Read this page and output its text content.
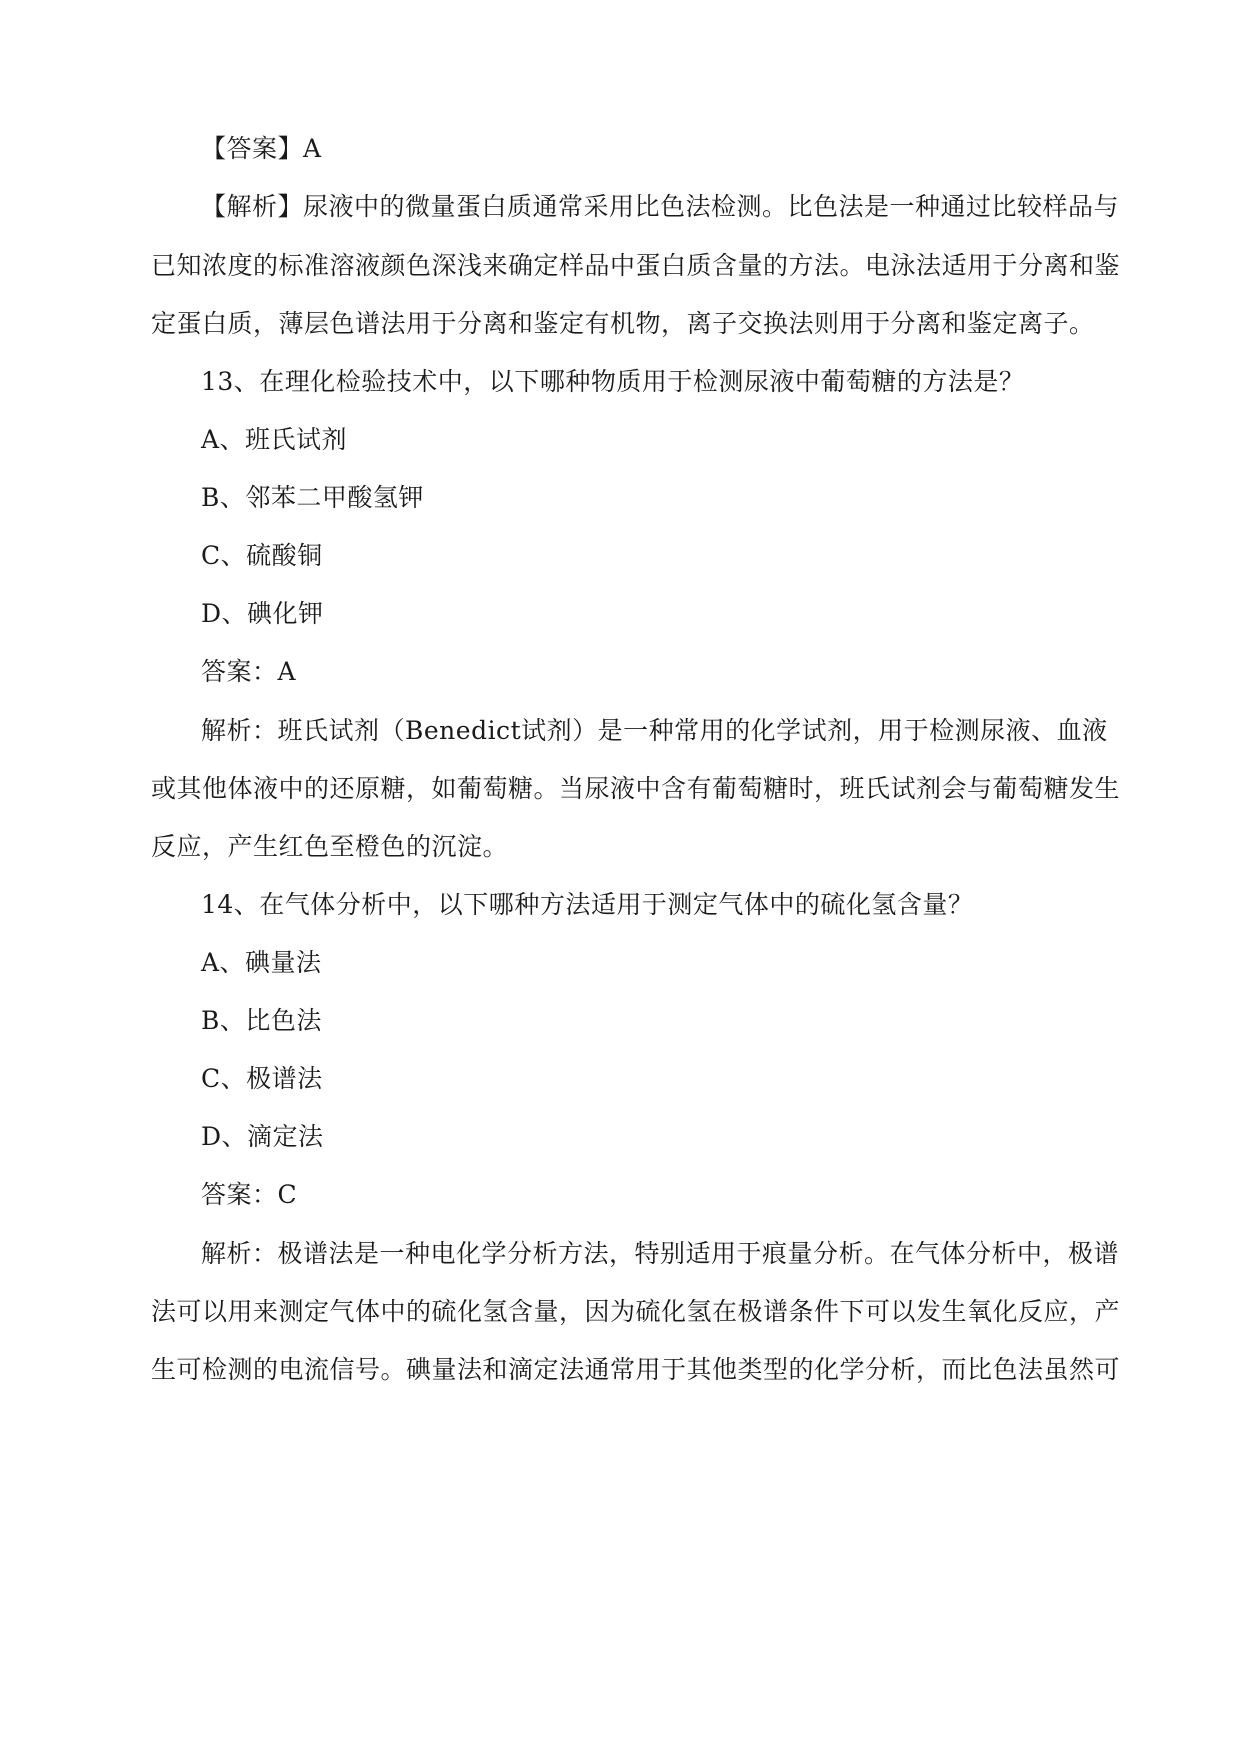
【答案】A
【解析】尿液中的微量蛋白质通常采用比色法检测。比色法是一种通过比较样品与
已知浓度的标准溶液颜色深浅来确定样品中蛋白质含量的方法。电泳法适用于分离和鉴
定蛋白质，薄层色谱法用于分离和鉴定有机物，离子交换法则用于分离和鉴定离子。
13、在理化检验技术中，以下哪种物质用于检测尿液中葡萄糖的方法是？
A、班氏试剂
B、邻苯二甲酸氢钾
C、硫酸铜
D、碘化钾
答案：A
解析：班氏试剂（Benedict试剂）是一种常用的化学试剂，用于检测尿液、血液
或其他体液中的还原糖，如葡萄糖。当尿液中含有葡萄糖时，班氏试剂会与葡萄糖发生
反应，产生红色至橙色的沉淀。
14、在气体分析中，以下哪种方法适用于测定气体中的硫化氢含量？
A、碘量法
B、比色法
C、极谱法
D、滴定法
答案：C
解析：极谱法是一种电化学分析方法，特别适用于痕量分析。在气体分析中，极谱
法可以用来测定气体中的硫化氢含量，因为硫化氢在极谱条件下可以发生氧化反应，产
生可检测的电流信号。碘量法和滴定法通常用于其他类型的化学分析，而比色法虽然可
